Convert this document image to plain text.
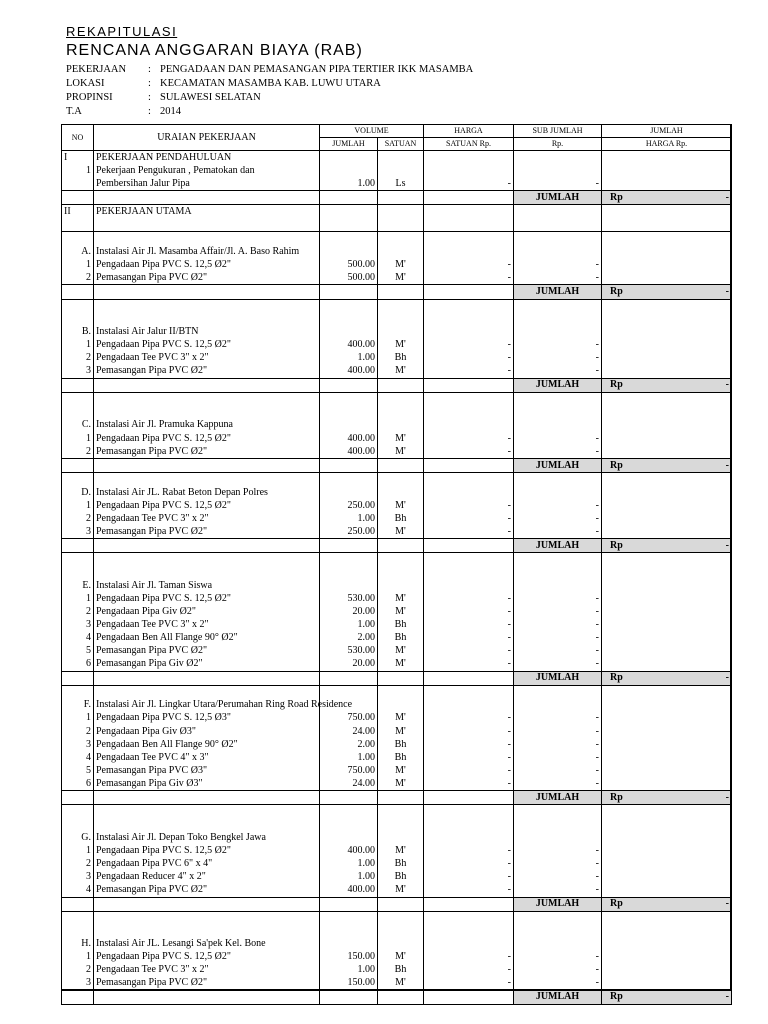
REKAPITULASI
RENCANA ANGGARAN BIAYA (RAB)
PEKERJAAN	: PENGADAAN DAN PEMASANGAN PIPA TERTIER IKK MASAMBA
LOKASI	: KECAMATAN MASAMBA KAB. LUWU UTARA
PROPINSI	: SULAWESI SELATAN
T.A	: 2014
NO	URAIAN PEKERJAAN	VOLUME		HARGA	SUB JUMLAH	JUMLAH
		JUMLAH	SATUAN	SATUAN Rp.	Rp.	HARGA Rp.
I	PEKERJAAN PENDAHULUAN					
1	Pekerjaan Pengukuran , Pematokan dan					
	Pembersihan Jalur Pipa	1.00	Ls	-	-	
					JUMLAH	Rp -

II	PEKERJAAN UTAMA					

A.	Instalasi Air Jl. Masamba Affair/Jl. A. Baso Rahim					
1	Pengadaan Pipa PVC S. 12,5 Ø2"	500.00	M'	-	-	
2	Pemasangan Pipa PVC Ø2"	500.00	M'	-	-	
					JUMLAH	Rp -

B.	Instalasi Air Jalur II/BTN					
1	Pengadaan Pipa PVC S. 12,5 Ø2"	400.00	M'	-	-	
2	Pengadaan Tee PVC 3" x 2"	1.00	Bh	-	-	
3	Pemasangan Pipa PVC Ø2"	400.00	M'	-	-	
					JUMLAH	Rp -

C.	Instalasi Air Jl. Pramuka Kappuna					
1	Pengadaan Pipa PVC S. 12,5 Ø2"	400.00	M'	-	-	
2	Pemasangan Pipa PVC Ø2"	400.00	M'	-	-	
					JUMLAH	Rp -

D.	Instalasi Air JL. Rabat Beton Depan Polres					
1	Pengadaan Pipa PVC S. 12,5 Ø2"	250.00	M'	-	-	
2	Pengadaan Tee PVC 3" x 2"	1.00	Bh	-	-	
3	Pemasangan Pipa PVC Ø2"	250.00	M'	-	-	
					JUMLAH	Rp -

E.	Instalasi Air Jl. Taman Siswa					
1	Pengadaan Pipa PVC S. 12,5 Ø2"	530.00	M'	-	-	
2	Pengadaan Pipa Giv Ø2"	20.00	M'	-	-	
3	Pengadaan Tee PVC 3" x 2"	1.00	Bh	-	-	
4	Pengadaan Ben All Flange 90° Ø2"	2.00	Bh	-	-	
5	Pemasangan Pipa PVC Ø2"	530.00	M'	-	-	
6	Pemasangan Pipa Giv Ø2"	20.00	M'	-	-	
					JUMLAH	Rp -

F.	Instalasi Air Jl. Lingkar Utara/Perumahan Ring Road Residence					
1	Pengadaan Pipa PVC S. 12,5 Ø3"	750.00	M'	-	-	
2	Pengadaan Pipa Giv Ø3"	24.00	M'	-	-	
3	Pengadaan Ben All Flange 90° Ø2"	2.00	Bh	-	-	
4	Pengadaan Tee PVC 4" x 3"	1.00	Bh	-	-	
5	Pemasangan Pipa PVC Ø3"	750.00	M'	-	-	
6	Pemasangan Pipa Giv Ø3"	24.00	M'	-	-	
					JUMLAH	Rp -

G.	Instalasi Air Jl. Depan Toko Bengkel Jawa					
1	Pengadaan Pipa PVC S. 12,5 Ø2"	400.00	M'	-	-	
2	Pengadaan Pipa PVC 6" x 4"	1.00	Bh	-	-	
3	Pengadaan Reducer 4" x 2"	1.00	Bh	-	-	
4	Pemasangan Pipa PVC Ø2"	400.00	M'	-	-	
					JUMLAH	Rp -

H.	Instalasi Air JL. Lesangi Sa'pek Kel. Bone					
1	Pengadaan Pipa PVC S. 12,5 Ø2"	150.00	M'	-	-	
2	Pengadaan Tee PVC 3" x 2"	1.00	Bh	-	-	
3	Pemasangan Pipa PVC Ø2"	150.00	M'	-	-	
					JUMLAH	Rp -
